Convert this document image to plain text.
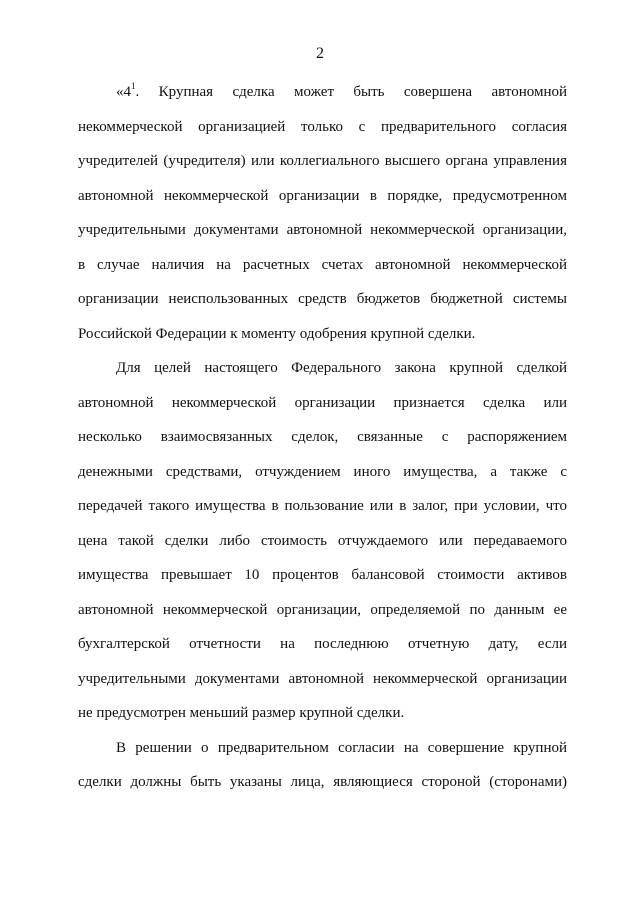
2
«$4^1$. Крупная сделка может быть совершена автономной
некоммерческой организацией только с предварительного согласия
учредителей (учредителя) или коллегиального высшего органа управления
автономной некоммерческой организации в порядке, предусмотренном
учредительными документами автономной некоммерческой организации,
в случае наличия на расчетных счетах автономной некоммерческой
организации неиспользованных средств бюджетов бюджетной системы
Российской Федерации к моменту одобрения крупной сделки.
Для целей настоящего Федерального закона крупной сделкой
автономной некоммерческой организации признается сделка или
несколько взаимосвязанных сделок, связанные с распоряжением
денежными средствами, отчуждением иного имущества, а также с
передачей такого имущества в пользование или в залог, при условии, что
цена такой сделки либо стоимость отчуждаемого или передаваемого
имущества превышает 10 процентов балансовой стоимости активов
автономной некоммерческой организации, определяемой по данным ее
бухгалтерской отчетности на последнюю отчетную дату, если
учредительными документами автономной некоммерческой организации
не предусмотрен меньший размер крупной сделки.
В решении о предварительном согласии на совершение крупной
сделки должны быть указаны лица, являющиеся стороной (сторонами)
